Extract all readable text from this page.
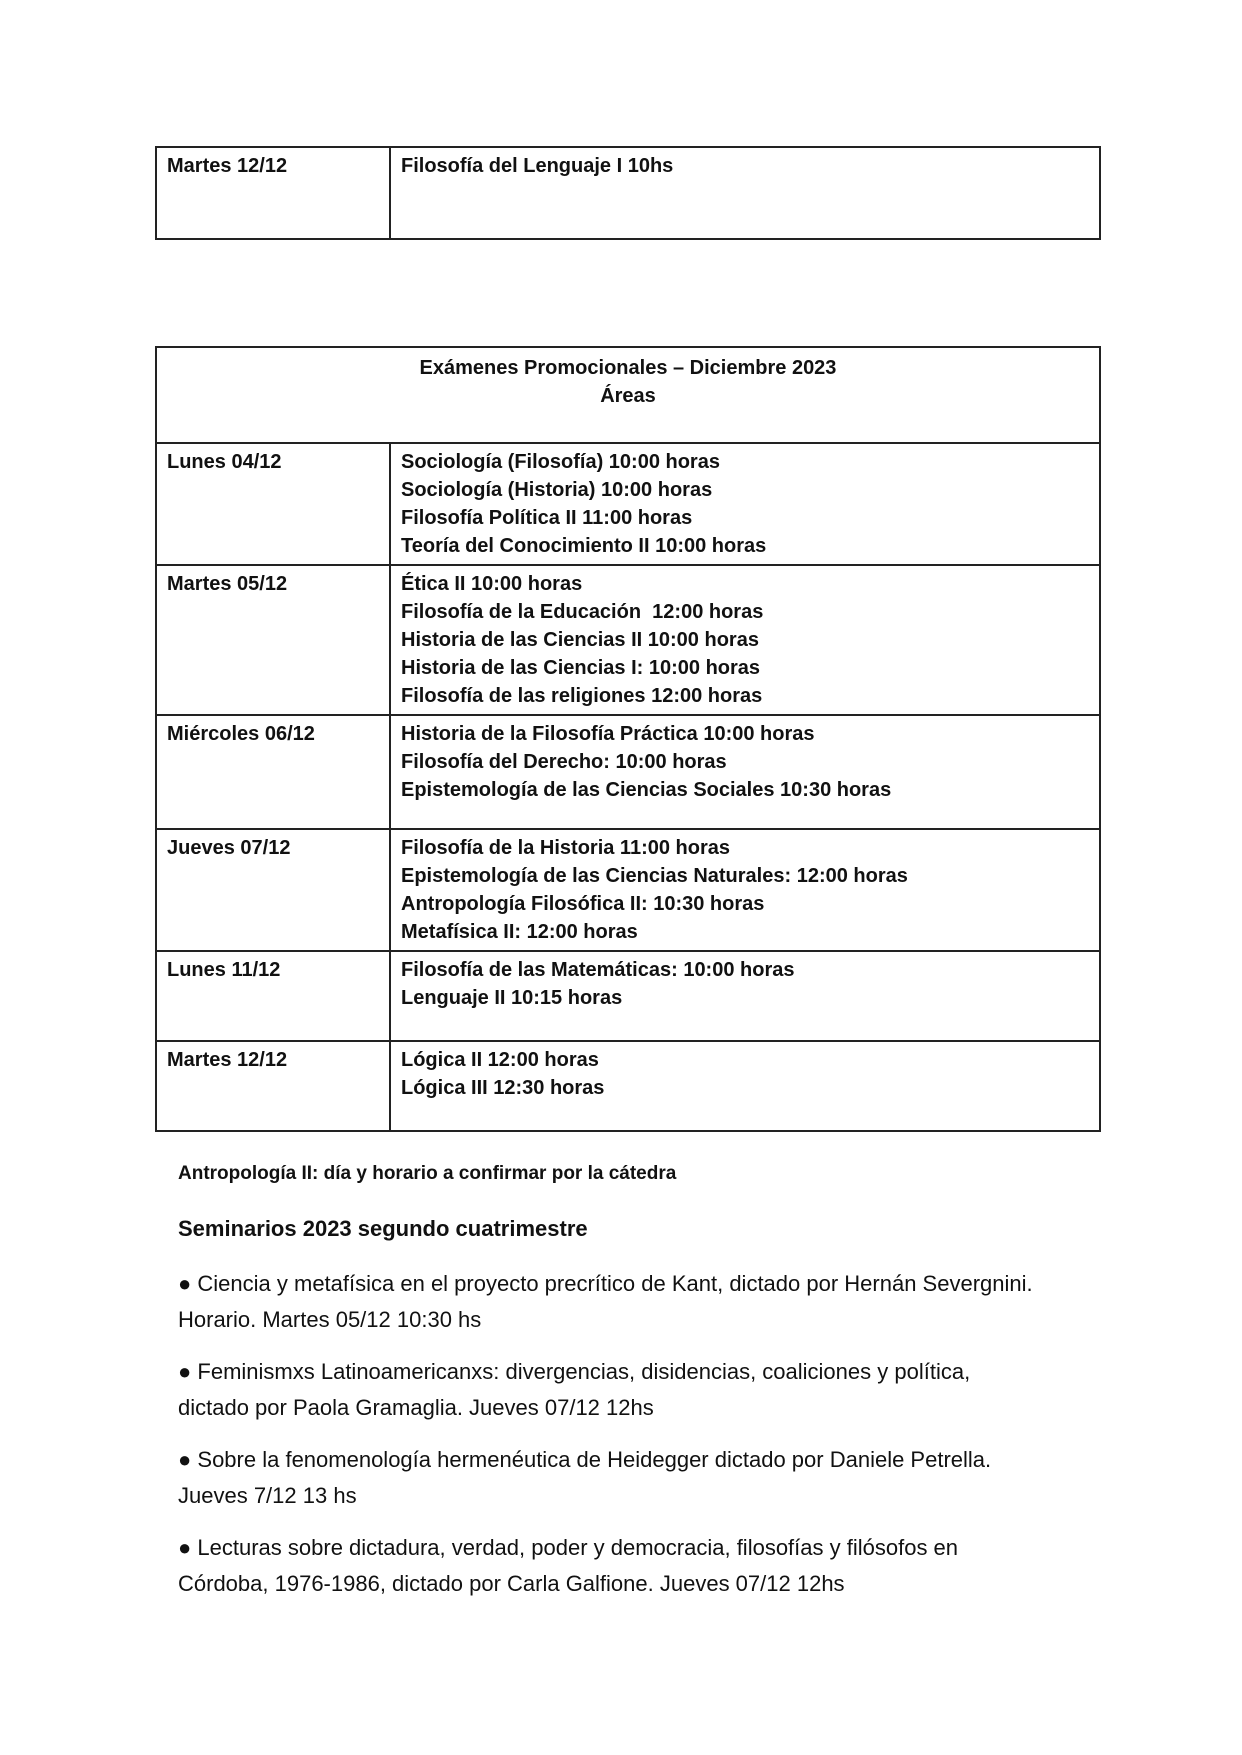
Martes 12/12	Filosofía del Lenguaje I 10hs
Exámenes Promocionales – Diciembre 2023
Áreas	

Lunes 04/12	Sociología (Filosofía) 10:00 horas
Sociología (Historia) 10:00 horas
Filosofía Política II 11:00 horas
Teoría del Conocimiento II 10:00 horas

Martes 05/12	Ética II 10:00 horas
Filosofía de la Educación  12:00 horas
Historia de las Ciencias II 10:00 horas
Historia de las Ciencias I: 10:00 horas
Filosofía de las religiones 12:00 horas

Miércoles 06/12	Historia de la Filosofía Práctica 10:00 horas
Filosofía del Derecho: 10:00 horas
Epistemología de las Ciencias Sociales 10:30 horas

Jueves 07/12	Filosofía de la Historia 11:00 horas
Epistemología de las Ciencias Naturales: 12:00 horas
Antropología Filosófica II: 10:30 horas
Metafísica II: 12:00 horas

Lunes 11/12	Filosofía de las Matemáticas: 10:00 horas
Lenguaje II 10:15 horas

Martes 12/12	Lógica II 12:00 horas
Lógica III 12:30 horas
Antropología II: día y horario a confirmar por la cátedra
Seminarios 2023 segundo cuatrimestre
● Ciencia y metafísica en el proyecto precrítico de Kant, dictado por Hernán Severgnini.
Horario. Martes 05/12 10:30 hs
● Feminismxs Latinoamericanxs: divergencias, disidencias, coaliciones y política,
dictado por Paola Gramaglia. Jueves 07/12 12hs
● Sobre la fenomenología hermenéutica de Heidegger dictado por Daniele Petrella.
Jueves 7/12 13 hs
● Lecturas sobre dictadura, verdad, poder y democracia, filosofías y filósofos en
Córdoba, 1976-1986, dictado por Carla Galfione. Jueves 07/12 12hs
